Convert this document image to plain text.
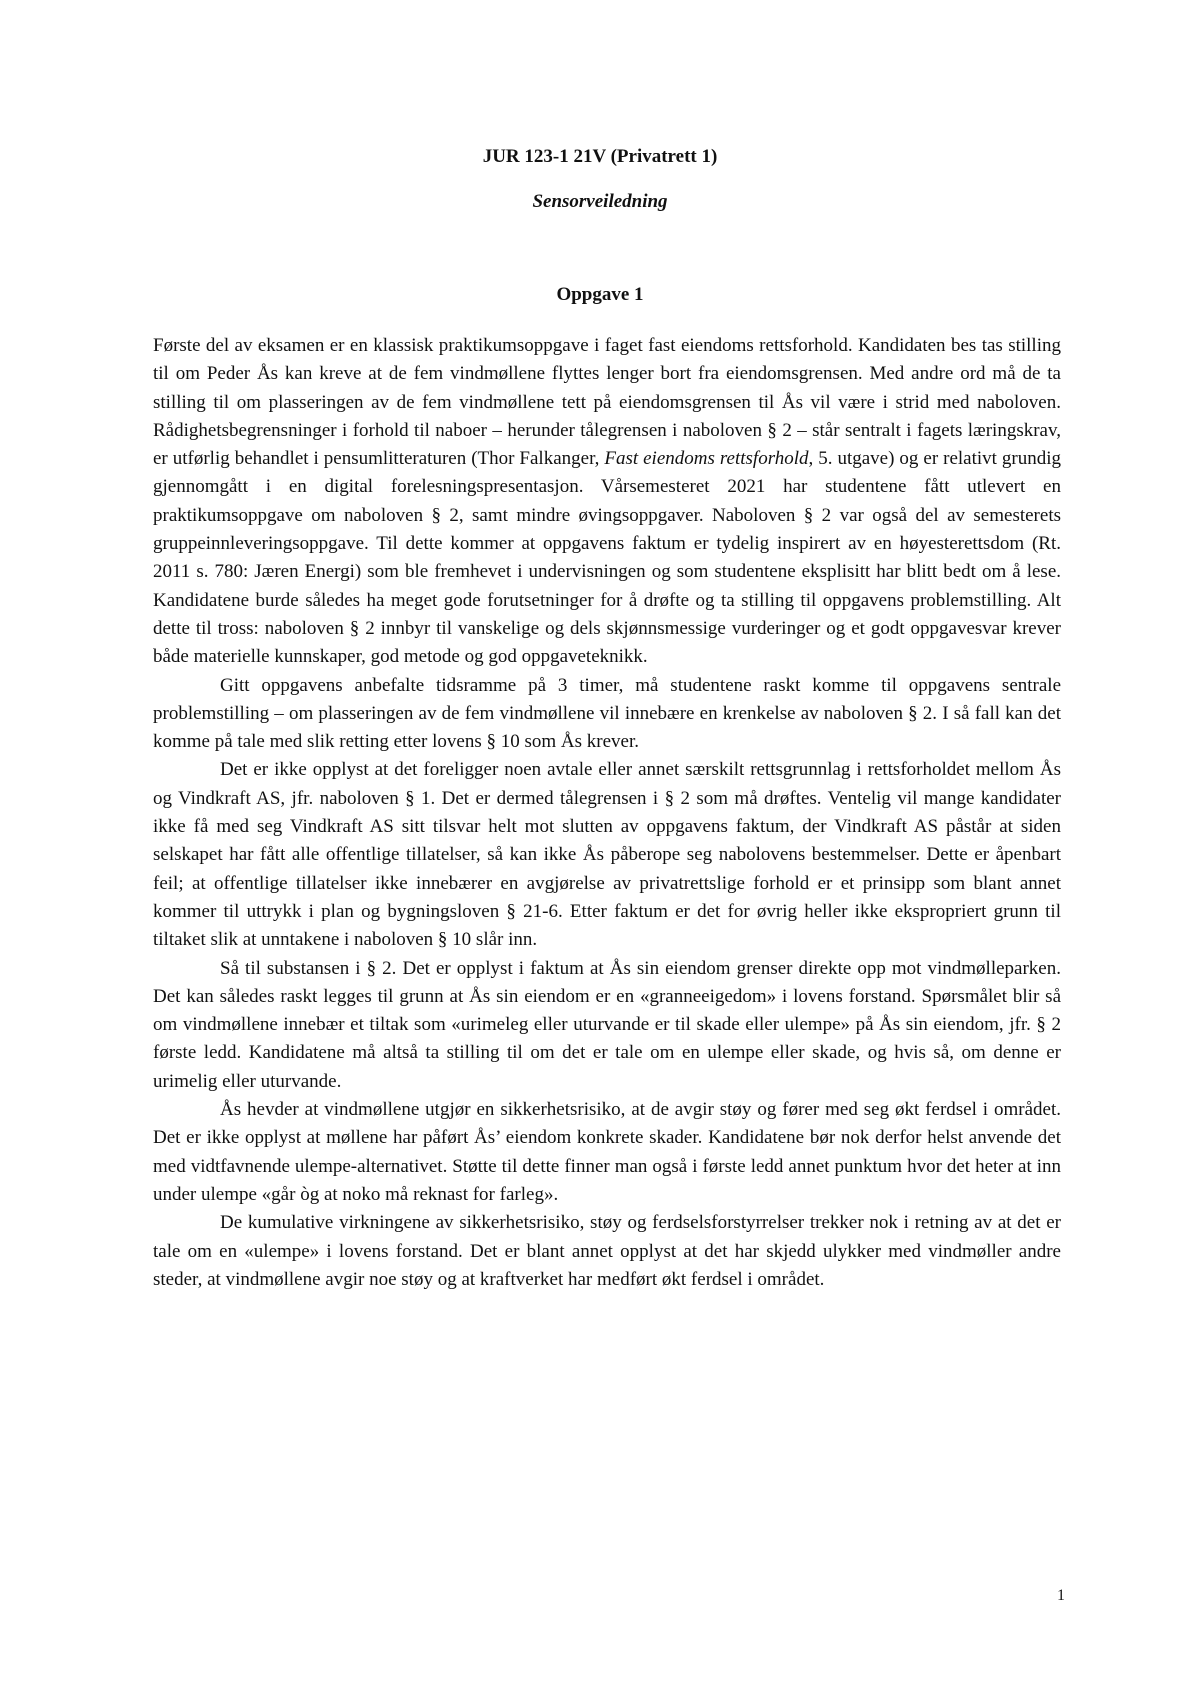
JUR 123-1 21V (Privatrett 1)
Sensorveiledning
Oppgave 1

Første del av eksamen er en klassisk praktikumsoppgave i faget fast eiendoms rettsforhold. Kandidaten bes tas stilling til om Peder Ås kan kreve at de fem vindmøllene flyttes lenger bort fra eiendomsgrensen. Med andre ord må de ta stilling til om plasseringen av de fem vindmøllene tett på eiendomsgrensen til Ås vil være i strid med naboloven. Rådighetsbegrensninger i forhold til naboer – herunder tålegrensen i naboloven § 2 – står sentralt i fagets læringskrav, er utførlig behandlet i pensumlitteraturen (Thor Falkanger, Fast eiendoms rettsforhold, 5. utgave) og er relativt grundig gjennomgått i en digital forelesningspresentasjon. Vårsemesteret 2021 har studentene fått utlevert en praktikumsoppgave om naboloven § 2, samt mindre øvingsoppgaver. Naboloven § 2 var også del av semesterets gruppeinnleveringsoppgave. Til dette kommer at oppgavens faktum er tydelig inspirert av en høyesterettsdom (Rt. 2011 s. 780: Jæren Energi) som ble fremhevet i undervisningen og som studentene eksplisitt har blitt bedt om å lese. Kandidatene burde således ha meget gode forutsetninger for å drøfte og ta stilling til oppgavens problemstilling. Alt dette til tross: naboloven § 2 innbyr til vanskelige og dels skjønnsmessige vurderinger og et godt oppgavesvar krever både materielle kunnskaper, god metode og god oppgaveteknikk.

Gitt oppgavens anbefalte tidsramme på 3 timer, må studentene raskt komme til oppgavens sentrale problemstilling – om plasseringen av de fem vindmøllene vil innebære en krenkelse av naboloven § 2. I så fall kan det komme på tale med slik retting etter lovens § 10 som Ås krever.

Det er ikke opplyst at det foreligger noen avtale eller annet særskilt rettsgrunnlag i rettsforholdet mellom Ås og Vindkraft AS, jfr. naboloven § 1. Det er dermed tålegrensen i § 2 som må drøftes. Ventelig vil mange kandidater ikke få med seg Vindkraft AS sitt tilsvar helt mot slutten av oppgavens faktum, der Vindkraft AS påstår at siden selskapet har fått alle offentlige tillatelser, så kan ikke Ås påberope seg nabolovens bestemmelser. Dette er åpenbart feil; at offentlige tillatelser ikke innebærer en avgjørelse av privatrettslige forhold er et prinsipp som blant annet kommer til uttrykk i plan og bygningsloven § 21-6. Etter faktum er det for øvrig heller ikke ekspropriert grunn til tiltaket slik at unntakene i naboloven § 10 slår inn.

Så til substansen i § 2. Det er opplyst i faktum at Ås sin eiendom grenser direkte opp mot vindmølleparken. Det kan således raskt legges til grunn at Ås sin eiendom er en «granneeigedom» i lovens forstand. Spørsmålet blir så om vindmøllene innebær et tiltak som «urimeleg eller uturvande er til skade eller ulempe» på Ås sin eiendom, jfr. § 2 første ledd. Kandidatene må altså ta stilling til om det er tale om en ulempe eller skade, og hvis så, om denne er urimelig eller uturvande.

Ås hevder at vindmøllene utgjør en sikkerhetsrisiko, at de avgir støy og fører med seg økt ferdsel i området. Det er ikke opplyst at møllene har påført Ås’ eiendom konkrete skader. Kandidatene bør nok derfor helst anvende det med vidtfavnende ulempe-alternativet. Støtte til dette finner man også i første ledd annet punktum hvor det heter at inn under ulempe «går òg at noko må reknast for farleg».

De kumulative virkningene av sikkerhetsrisiko, støy og ferdselsforstyrrelser trekker nok i retning av at det er tale om en «ulempe» i lovens forstand. Det er blant annet opplyst at det har skjedd ulykker med vindmøller andre steder, at vindmøllene avgir noe støy og at kraftverket har medført økt ferdsel i området.

1
